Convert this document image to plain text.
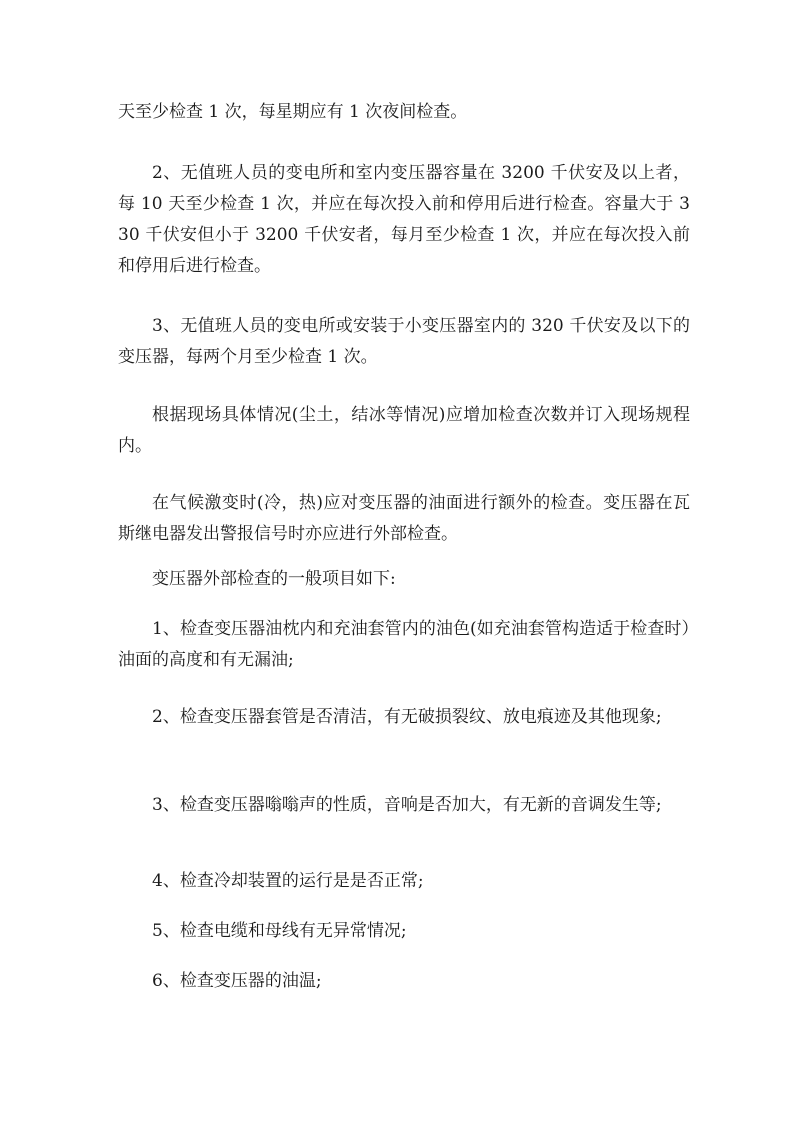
天至少检查 1 次，每星期应有 1 次夜间检查。

2、无值班人员的变电所和室内变压器容量在 3200 千伏安及以上者，每 10 天至少检查 1 次，并应在每次投入前和停用后进行检查。容量大于 330 千伏安但小于 3200 千伏安者，每月至少检查 1 次，并应在每次投入前和停用后进行检查。

3、无值班人员的变电所或安装于小变压器室内的 320 千伏安及以下的变压器，每两个月至少检查 1 次。

根据现场具体情况(尘土，结冰等情况)应增加检查次数并订入现场规程内。

在气候激变时(冷，热)应对变压器的油面进行额外的检查。变压器在瓦斯继电器发出警报信号时亦应进行外部检查。

变压器外部检查的一般项目如下:

1、检查变压器油枕内和充油套管内的油色(如充油套管构造适于检查时）油面的高度和有无漏油;

2、检查变压器套管是否清洁，有无破损裂纹、放电痕迹及其他现象;

3、检查变压器嗡嗡声的性质，音响是否加大，有无新的音调发生等;

4、检查冷却装置的运行是是否正常;

5、检查电缆和母线有无异常情况;

6、检查变压器的油温;
